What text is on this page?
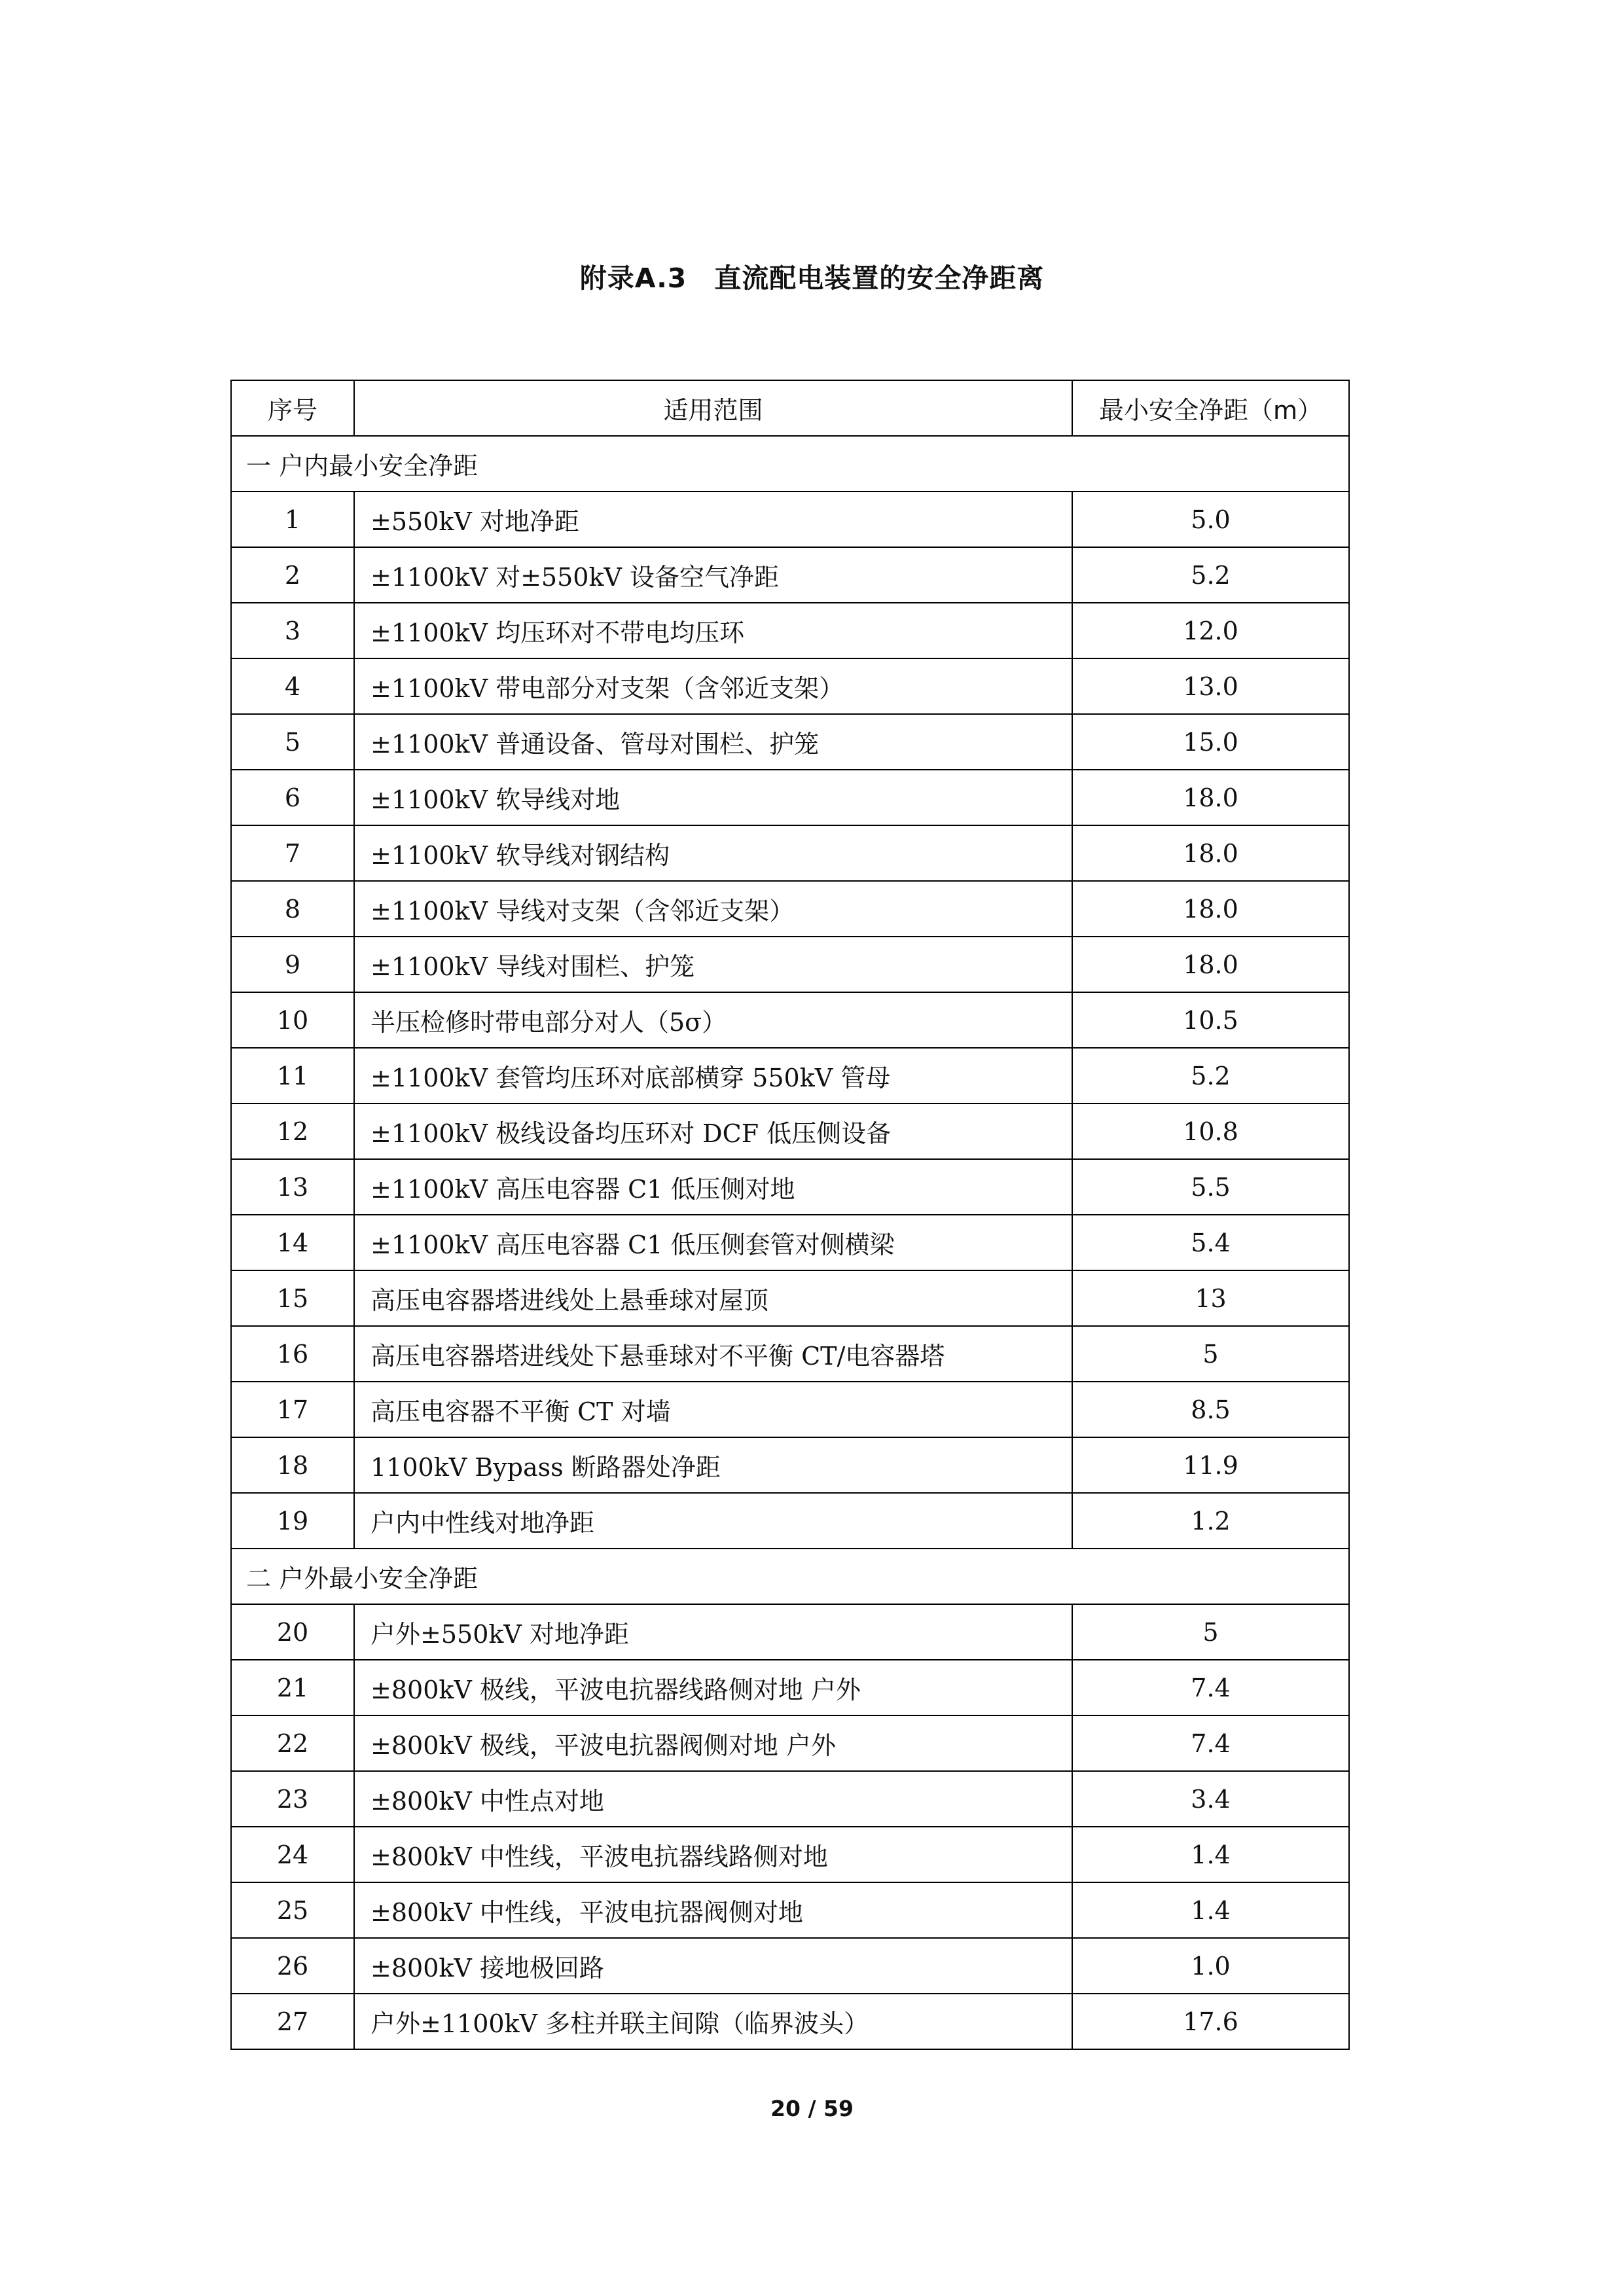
附录A.3　直流配电装置的安全净距离
序号	适用范围	最小安全净距（m）
一 户内最小安全净距		
1	±550kV 对地净距	5.0
2	±1100kV 对±550kV 设备空气净距	5.2
3	±1100kV 均压环对不带电均压环	12.0
4	±1100kV 带电部分对支架（含邻近支架）	13.0
5	±1100kV 普通设备、管母对围栏、护笼	15.0
6	±1100kV 软导线对地	18.0
7	±1100kV 软导线对钢结构	18.0
8	±1100kV 导线对支架（含邻近支架）	18.0
9	±1100kV 导线对围栏、护笼	18.0
10	半压检修时带电部分对人（5σ）	10.5
11	±1100kV 套管均压环对底部横穿 550kV 管母	5.2
12	±1100kV 极线设备均压环对 DCF 低压侧设备	10.8
13	±1100kV 高压电容器 C1 低压侧对地	5.5
14	±1100kV 高压电容器 C1 低压侧套管对侧横梁	5.4
15	高压电容器塔进线处上悬垂球对屋顶	13
16	高压电容器塔进线处下悬垂球对不平衡 CT/电容器塔	5
17	高压电容器不平衡 CT 对墙	8.5
18	1100kV Bypass 断路器处净距	11.9
19	户内中性线对地净距	1.2
二 户外最小安全净距		
20	户外±550kV 对地净距	5
21	±800kV 极线，平波电抗器线路侧对地 户外	7.4
22	±800kV 极线，平波电抗器阀侧对地 户外	7.4
23	±800kV 中性点对地	3.4
24	±800kV 中性线，平波电抗器线路侧对地	1.4
25	±800kV 中性线，平波电抗器阀侧对地	1.4
26	±800kV 接地极回路	1.0
27	户外±1100kV 多柱并联主间隙（临界波头）	17.6
20 / 59
